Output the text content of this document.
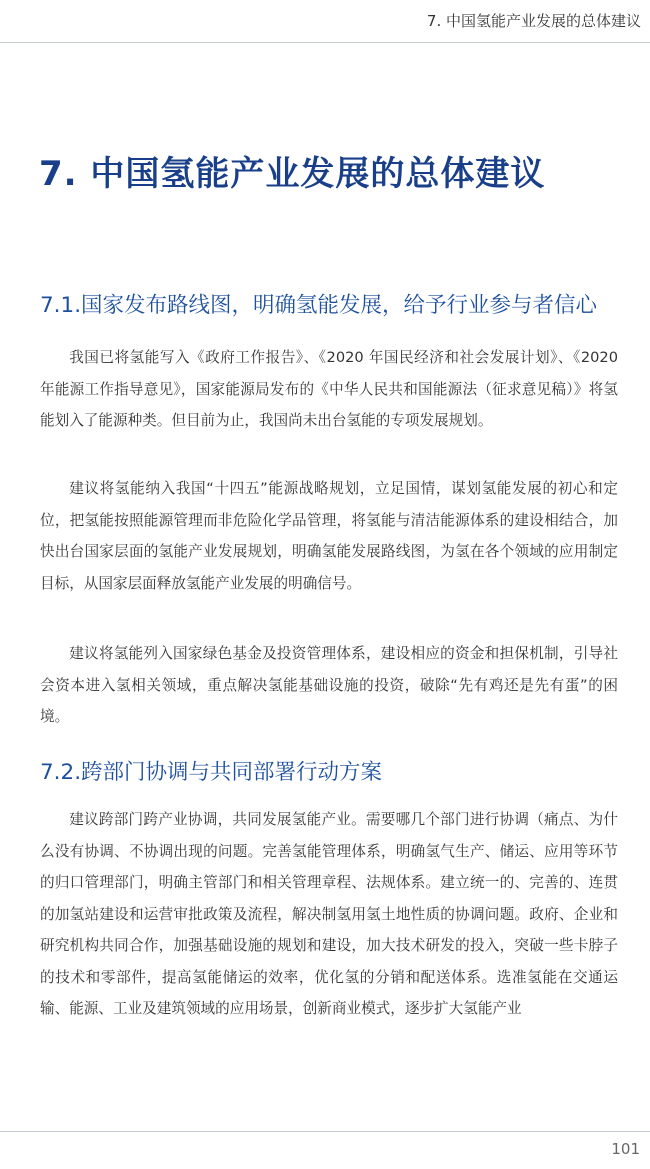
7. 中国氢能产业发展的总体建议
7. 中国氢能产业发展的总体建议
7.1.国家发布路线图，明确氢能发展，给予行业参与者信心

我国已将氢能写入《政府工作报告》、《2020 年国民经济和社会发展计划》、《2020 年能源工作指导意见》，国家能源局发布的《中华人民共和国能源法（征求意见稿）》将氢能划入了能源种类。但目前为止，我国尚未出台氢能的专项发展规划。

建议将氢能纳入我国“十四五”能源战略规划，立足国情，谋划氢能发展的初心和定位，把氢能按照能源管理而非危险化学品管理，将氢能与清洁能源体系的建设相结合，加快出台国家层面的氢能产业发展规划，明确氢能发展路线图，为氢在各个领域的应用制定目标，从国家层面释放氢能产业发展的明确信号。

建议将氢能列入国家绿色基金及投资管理体系，建设相应的资金和担保机制，引导社会资本进入氢相关领域，重点解决氢能基础设施的投资，破除“先有鸡还是先有蛋”的困境。

7.2.跨部门协调与共同部署行动方案

建议跨部门跨产业协调，共同发展氢能产业。需要哪几个部门进行协调（痛点、为什么没有协调、不协调出现的问题。完善氢能管理体系，明确氢气生产、储运、应用等环节的归口管理部门，明确主管部门和相关管理章程、法规体系。建立统一的、完善的、连贯的加氢站建设和运营审批政策及流程，解决制氢用氢土地性质的协调问题。政府、企业和研究机构共同合作，加强基础设施的规划和建设，加大技术研发的投入，突破一些卡脖子的技术和零部件，提高氢能储运的效率，优化氢的分销和配送体系。选准氢能在交通运输、能源、工业及建筑领域的应用场景，创新商业模式，逐步扩大氢能产业

101
